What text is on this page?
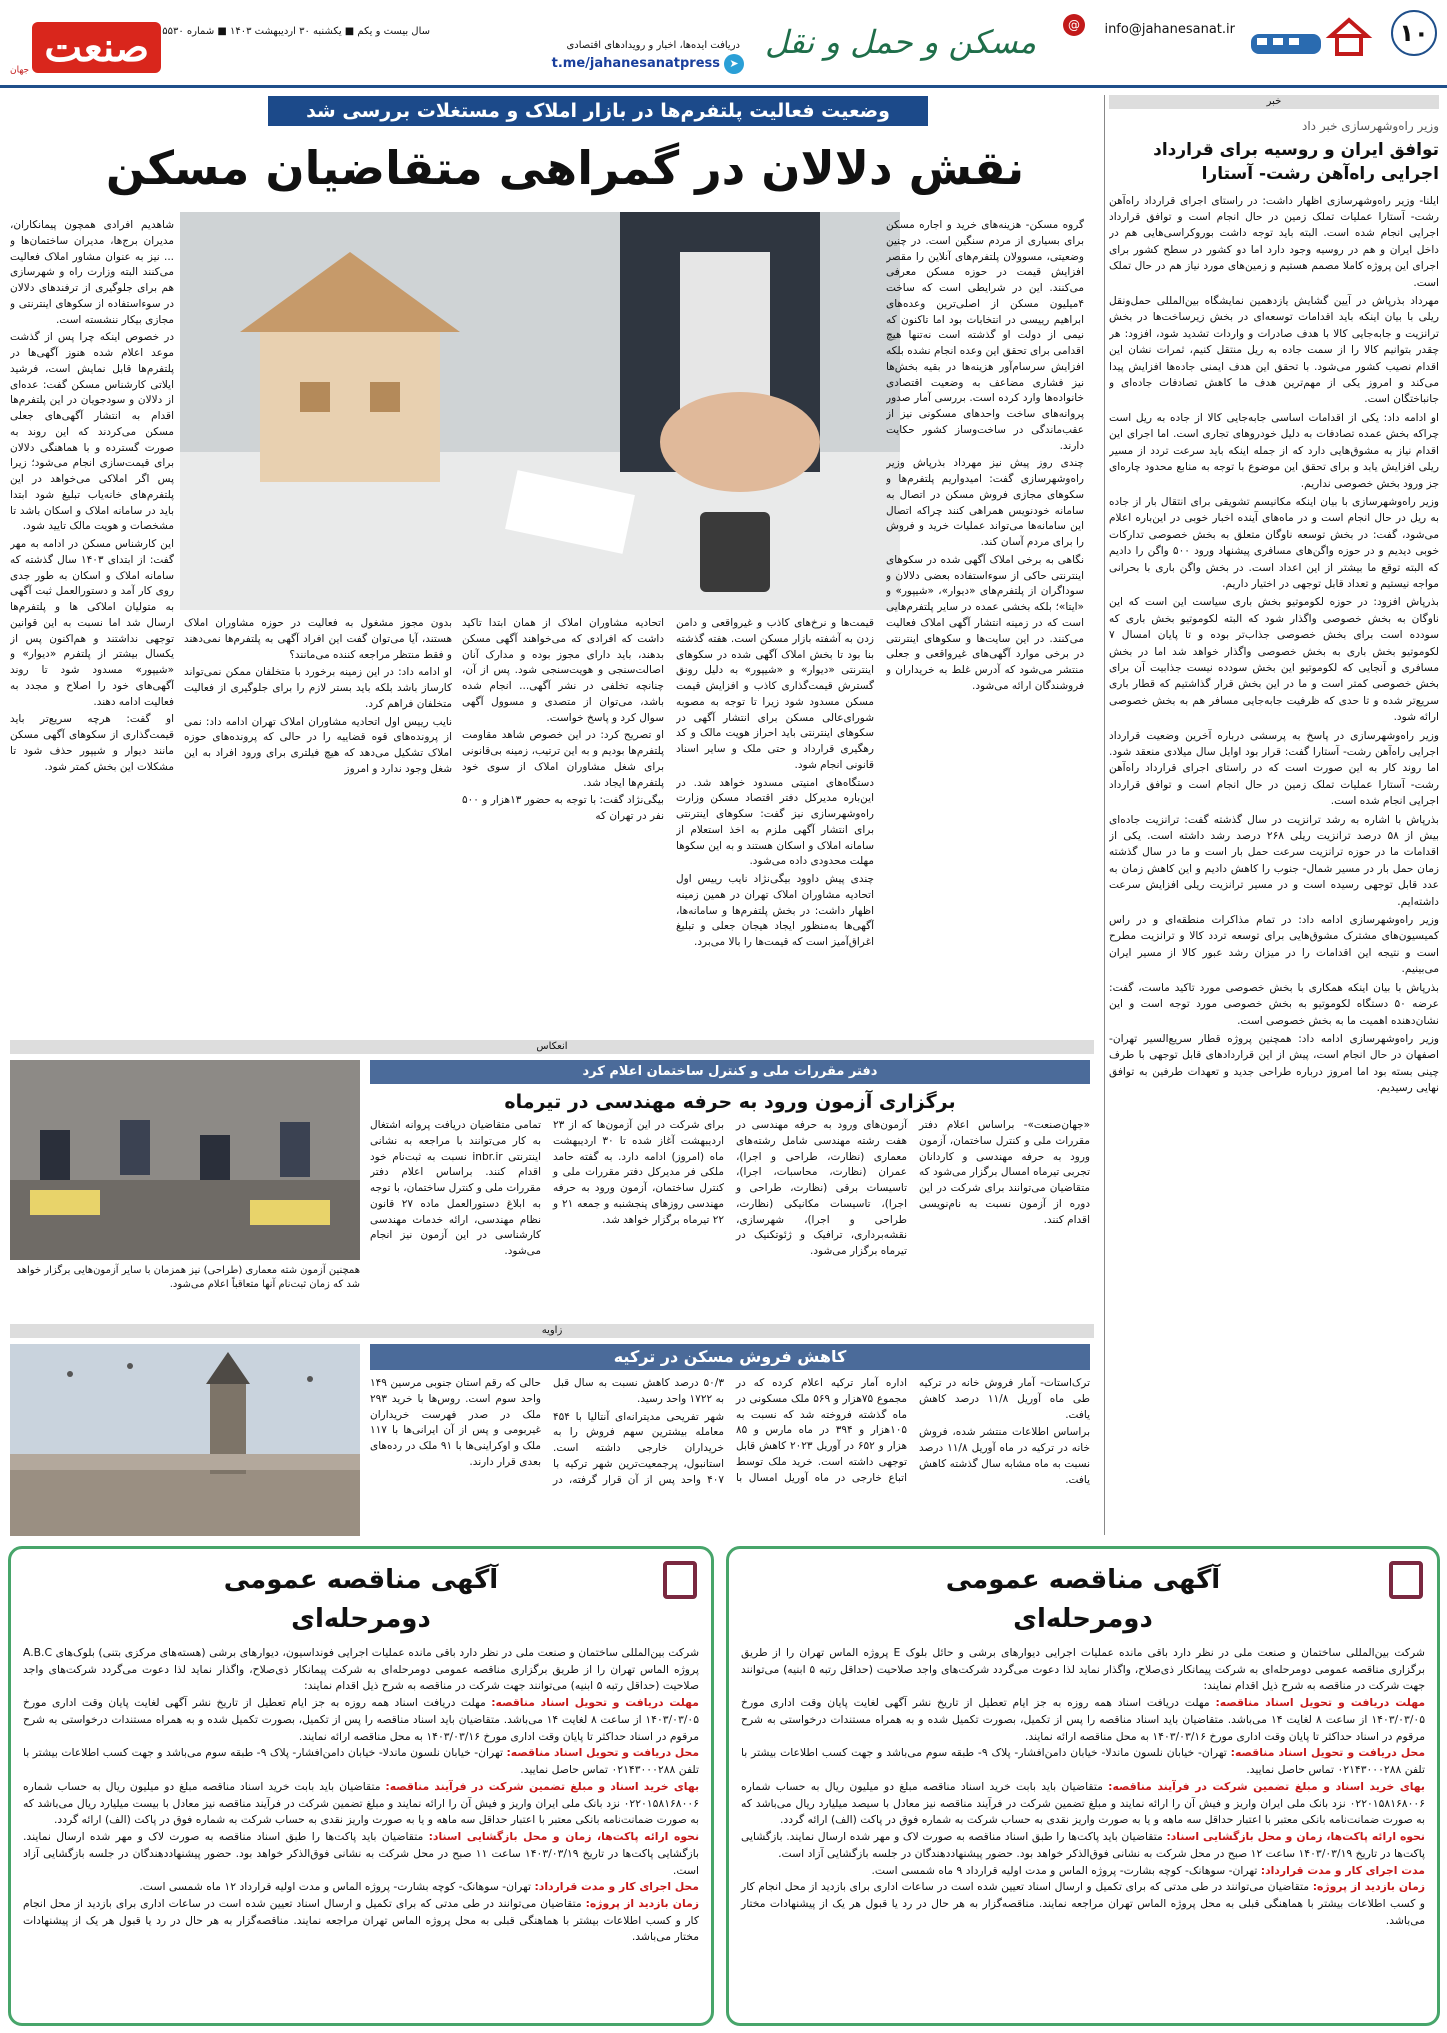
۱۰
info@jahanesanat.ir
@
مسکن و حمل و نقل
دریافت ایده‌ها، اخبار و رویدادهای اقتصادی
t.me/jahanesanatpress ➤
سال بیست و یکم ■ یکشنبه ۳۰ اردیبهشت ۱۴۰۳ ■ شماره ۵۵۳۰
صنعت جهان
خبر
وزیر راه‌وشهرسازی خبر داد
توافق ایران و روسیه برای قرارداد اجرایی راه‌آهن رشت- آستارا

ایلنا- وزیر راه‌وشهرسازی اظهار داشت: در راستای اجرای قرارداد راه‌آهن رشت- آستارا عملیات تملک زمین در حال انجام است و توافق قرارداد اجرایی انجام شده است. البته باید توجه داشت بوروکراسی‌هایی هم در داخل ایران و هم در روسیه وجود دارد اما دو کشور در سطح کشور برای اجرای این پروژه کاملا مصمم هستیم و زمین‌های مورد نیاز هم در حال تملک است.

مهرداد بذرپاش در آیین گشایش یازدهمین نمایشگاه بین‌المللی حمل‌ونقل ریلی با بیان اینکه باید اقدامات توسعه‌ای در بخش زیرساخت‌ها در بخش ترانزیت و جابه‌جایی کالا با هدف صادرات و واردات تشدید شود، افزود: هر چقدر بتوانیم کالا را از سمت جاده به ریل منتقل کنیم، ثمرات نشان این اقدام نصیب کشور می‌شود. با تحقق این هدف ایمنی جاده‌ها افزایش پیدا می‌کند و امروز یکی از مهم‌ترین هدف ما کاهش تصادفات جاده‌ای و جانباختگان است.

او ادامه داد: یکی از اقدامات اساسی جابه‌جایی کالا از جاده به ریل است چراکه بخش عمده تصادفات به دلیل خودروهای تجاری است. اما اجرای این اقدام نیاز به مشوق‌هایی دارد که از جمله اینکه باید سرعت تردد از مسیر ریلی افزایش یابد و برای تحقق این موضوع با توجه به منابع محدود چاره‌ای جز ورود بخش خصوصی نداریم.

وزیر راه‌وشهرسازی با بیان اینکه مکانیسم تشویقی برای انتقال بار از جاده به ریل در حال انجام است و در ماه‌های آینده اخبار خوبی در این‌باره اعلام می‌شود، گفت: در بخش توسعه ناوگان متعلق به بخش خصوصی تدارکات خوبی دیدیم و در حوزه واگن‌های مسافری پیشنهاد ورود ۵۰۰ واگن را دادیم که البته توقع ما بیشتر از این اعداد است. در بخش واگن باری با بحرانی مواجه نیستیم و تعداد قابل توجهی در اختیار داریم.

بذرپاش افزود: در حوزه لکوموتیو بخش باری سیاست این است که این ناوگان به بخش خصوصی واگذار شود که البته لکوموتیو بخش باری که سودده است برای بخش خصوصی جذاب‌تر بوده و تا پایان امسال ۷ لکوموتیو بخش باری به بخش خصوصی واگذار خواهد شد اما در بخش مسافری و آنجایی که لکوموتیو این بخش سودده نیست جذابیت آن برای بخش خصوصی کمتر است و ما در این بخش قرار گذاشتیم که قطار باری سریع‌تر شده و تا حدی که ظرفیت جابه‌جایی مسافر هم به بخش خصوصی ارائه شود.

وزیر راه‌وشهرسازی در پاسخ به پرسشی درباره آخرین وضعیت قرارداد اجرایی راه‌آهن رشت- آستارا گفت: قرار بود اوایل سال میلادی منعقد شود. اما روند کار به این صورت است که در راستای اجرای قرارداد راه‌آهن رشت- آستارا عملیات تملک زمین در حال انجام است و توافق قرارداد اجرایی انجام شده است.

بذرپاش با اشاره به رشد ترانزیت در سال گذشته گفت: ترانزیت جاده‌ای بیش از ۵۸ درصد ترانزیت ریلی ۲۶۸ درصد رشد داشته است. یکی از اقدامات ما در حوزه ترانزیت سرعت حمل بار است و ما در سال گذشته زمان حمل بار در مسیر شمال- جنوب را کاهش دادیم و این کاهش زمان به عدد قابل توجهی رسیده است و در مسیر ترانزیت ریلی افزایش سرعت داشته‌ایم.

وزیر راه‌وشهرسازی ادامه داد: در تمام مذاکرات منطقه‌ای و در راس کمیسیون‌های مشترک مشوق‌هایی برای توسعه تردد کالا و ترانزیت مطرح است و نتیجه این اقدامات را در میزان رشد عبور کالا از مسیر ایران می‌بینیم.

بذرپاش با بیان اینکه همکاری با بخش خصوصی مورد تاکید ماست، گفت: عرضه ۵۰ دستگاه لکوموتیو به بخش خصوصی مورد توجه است و این نشان‌دهنده اهمیت ما به بخش خصوصی است.

وزیر راه‌وشهرسازی ادامه داد: همچنین پروژه قطار سریع‌السیر تهران- اصفهان در حال انجام است، پیش از این قراردادهای قابل توجهی با طرف چینی بسته بود اما امروز درباره طراحی جدید و تعهدات طرفین به توافق نهایی رسیدیم.

وضعیت فعالیت پلتفرم‌ها در بازار املاک و مستغلات بررسی شد
نقش دلالان در گمراهی متقاضیان مسکن

گروه مسکن- هزینه‌های خرید و اجاره مسکن برای بسیاری از مردم سنگین است. در چنین وضعیتی، مسوولان پلتفرم‌های آنلاین را مقصر افزایش قیمت در حوزه مسکن معرفی می‌کنند. این در شرایطی است که ساخت ۴میلیون مسکن از اصلی‌ترین وعده‌های ابراهیم رییسی در انتخابات بود اما تاکنون که نیمی از دولت او گذشته است نه‌تنها هیچ اقدامی برای تحقق این وعده انجام نشده بلکه افزایش سرسام‌آور هزینه‌ها در بقیه بخش‌ها نیز فشاری مضاعف به وضعیت اقتصادی خانواده‌ها وارد کرده است. بررسی آمار صدور پروانه‌های ساخت واحدهای مسکونی نیز از عقب‌ماندگی در ساخت‌وساز کشور حکایت دارند.

چندی روز پیش نیز مهرداد بذرپاش وزیر راه‌وشهرسازی گفت: امیدواریم پلتفرم‌ها و سکوهای مجازی فروش مسکن در اتصال به سامانه خودنویس همراهی کنند چراکه اتصال این سامانه‌ها می‌تواند عملیات خرید و فروش را برای مردم آسان کند.

نگاهی به برخی املاک آگهی شده در سکوهای اینترنتی حاکی از سوءاستفاده بعضی دلالان و سوداگران از پلتفرم‌های «دیوار»، «شیپور» و «ایتا»؛ بلکه بخشی عمده در سایر پلتفرم‌هایی است که در زمینه انتشار آگهی املاک فعالیت می‌کنند. در این سایت‌ها و سکوهای اینترنتی در برخی موارد آگهی‌های غیرواقعی و جعلی منتشر می‌شود که آدرس غلط به خریداران و فروشندگان ارائه می‌شود.

قیمت‌ها و نرخ‌های کاذب و غیرواقعی و دامن زدن به آشفته بازار مسکن است. هفته گذشته بنا بود تا بخش املاک آگهی شده در سکوهای اینترنتی «دیوار» و «شیپور» به دلیل رونق گسترش قیمت‌گذاری کاذب و افزایش قیمت مسکن مسدود شود زیرا تا توجه به مصوبه شورای‌عالی مسکن برای انتشار آگهی در سکوهای اینترنتی باید احراز هویت مالک و کد رهگیری قرارداد و حتی ملک و سایر اسناد قانونی انجام شود.

دستگاه‌های امنیتی مسدود خواهد شد. در این‌باره مدیرکل دفتر اقتصاد مسکن وزارت راه‌وشهرسازی نیز گفت: سکوهای اینترنتی برای انتشار آگهی ملزم به اخذ استعلام از سامانه املاک و اسکان هستند و به این سکوها مهلت محدودی داده می‌شود.

چندی پیش داوود بیگی‌نژاد نایب رییس اول اتحادیه مشاوران املاک تهران در همین زمینه اظهار داشت: در بخش پلتفرم‌ها و سامانه‌ها، آگهی‌ها به‌منظور ایجاد هیجان جعلی و تبلیغ اغراق‌آمیز است که قیمت‌ها را بالا می‌برد.

اتحادیه مشاوران املاک از همان ابتدا تاکید داشت که افرادی که می‌خواهند آگهی مسکن بدهند، باید دارای مجوز بوده و مدارک آنان اصالت‌سنجی و هویت‌سنجی شود. پس از آن، چنانچه تخلفی در نشر آگهی... انجام شده باشد، می‌توان از متصدی و مسوول آگهی سوال کرد و پاسخ خواست.

او تصریح کرد: در این خصوص شاهد مقاومت پلتفرم‌ها بودیم و به این ترتیب، زمینه بی‌قانونی برای شغل مشاوران املاک از سوی خود پلتفرم‌ها ایجاد شد.

بیگی‌نژاد گفت: با توجه به حضور ۱۳هزار و ۵۰۰ نفر در تهران که

بدون مجوز مشغول به فعالیت در حوزه مشاوران املاک هستند، آیا می‌توان گفت این افراد آگهی به پلتفرم‌ها نمی‌دهند و فقط منتظر مراجعه کننده می‌مانند؟

او ادامه داد: در این زمینه برخورد با متخلفان ممکن نمی‌تواند کارساز باشد بلکه باید بستر لازم را برای جلوگیری از فعالیت متخلفان فراهم کرد.

نایب رییس اول اتحادیه مشاوران املاک تهران ادامه داد: نمی از پرونده‌های قوه قضاییه را در حالی که پرونده‌های حوزه املاک تشکیل می‌دهد که هیچ فیلتری برای ورود افراد به این شغل وجود ندارد و امروز

شاهدیم افرادی همچون پیمانکاران، مدیران برج‌ها، مدیران ساختمان‌ها و ... نیز به عنوان مشاور املاک فعالیت می‌کنند البته وزارت راه و شهرسازی هم برای جلوگیری از ترفندهای دلالان در سوءاستفاده از سکوهای اینترنتی و مجازی بیکار ننشسته است.

در خصوص اینکه چرا پس از گذشت موعد اعلام شده هنوز آگهی‌ها در پلتفرم‌ها قابل نمایش است، فرشید ایلاتی کارشناس مسکن گفت: عده‌ای از دلالان و سودجویان در این پلتفرم‌ها اقدام به انتشار آگهی‌های جعلی مسکن می‌کردند که این روند به صورت گسترده و با هماهنگی دلالان برای قیمت‌سازی انجام می‌شود؛ زیرا پس اگر املاکی می‌خواهد در این پلتفرم‌های خانه‌یاب تبلیغ شود ابتدا باید در سامانه املاک و اسکان باشد تا مشخصات و هویت مالک تایید شود.

این کارشناس مسکن در ادامه به مهر گفت: از ابتدای ۱۴۰۳ سال گذشته که سامانه املاک و اسکان به طور جدی روی کار آمد و دستورالعمل ثبت آگهی به متولیان املاکی ها و پلتفرم‌ها ارسال شد اما نسبت به این قوانین توجهی نداشتند و هم‌اکنون پس از یکسال بیشتر از پلتفرم «دیوار» و «شیپور» مسدود شود تا روند آگهی‌های خود را اصلاح و مجدد به فعالیت ادامه دهند.

او گفت: هرچه سریع‌تر باید قیمت‌گذاری از سکوهای آگهی مسکن مانند دیوار و شیپور حذف شود تا مشکلات این بخش کمتر شود.

انعکاس
دفتر مقررات ملی و کنترل ساختمان اعلام کرد
برگزاری آزمون ورود به حرفه مهندسی در تیرماه

«جهان‌صنعت»- براساس اعلام دفتر مقررات ملی و کنترل ساختمان، آزمون ورود به حرفه مهندسی و کاردانان تجربی تیرماه امسال برگزار می‌شود که متقاضیان می‌توانند برای شرکت در این دوره از آزمون نسبت به نام‌نویسی اقدام کنند.

آزمون‌های ورود به حرفه مهندسی در هفت رشته مهندسی شامل رشته‌های معماری (نظارت، طراحی و اجرا)، عمران (نظارت، محاسبات، اجرا)، تاسیسات برقی (نظارت، طراحی و اجرا)، تاسیسات مکانیکی (نظارت، طراحی و اجرا)، شهرسازی، نقشه‌برداری، ترافیک و ژئوتکنیک در تیرماه برگزار می‌شود.

برای شرکت در این آزمون‌ها که از ۲۳ اردیبهشت آغاز شده تا ۳۰ اردیبهشت ماه (امروز) ادامه دارد. به گفته حامد ملکی فر مدیرکل دفتر مقررات ملی و کنترل ساختمان، آزمون ورود به حرفه مهندسی روزهای پنجشنبه و جمعه ۲۱ و ۲۲ تیرماه برگزار خواهد شد.

تمامی متقاضیان دریافت پروانه اشتغال به کار می‌توانند با مراجعه به نشانی اینترنتی inbr.ir نسبت به ثبت‌نام خود اقدام کنند. براساس اعلام دفتر مقررات ملی و کنترل ساختمان، با توجه به ابلاغ دستورالعمل ماده ۲۷ قانون نظام مهندسی، ارائه خدمات مهندسی کارشناسی در این آزمون نیز انجام می‌شود.

همچنین آزمون شته معماری (طراحی) نیز همزمان با سایر آزمون‌هایی برگزار خواهد شد که زمان ثبت‌نام آنها متعاقباً اعلام می‌شود.
زاویه
کاهش فروش مسکن در ترکیه

ترک‌استات- آمار فروش خانه در ترکیه طی ماه آوریل ۱۱/۸ درصد کاهش یافت.

براساس اطلاعات منتشر شده، فروش خانه در ترکیه در ماه آوریل ۱۱/۸ درصد نسبت به ماه مشابه سال گذشته کاهش یافت.

اداره آمار ترکیه اعلام کرده که در مجموع ۷۵هزار و ۵۶۹ ملک مسکونی در ماه گذشته فروخته شد که نسبت به ۱۰۵هزار و ۳۹۴ در ماه مارس و ۸۵ هزار و ۶۵۲ در آوریل ۲۰۲۳ کاهش قابل توجهی داشته است. خرید ملک توسط اتباع خارجی در ماه آوریل امسال با ۵۰/۳ درصد کاهش نسبت به سال قبل به ۱۷۲۲ واحد رسید.

شهر تفریحی مدیترانه‌ای آنتالیا با ۴۵۴ معامله بیشترین سهم فروش را به خریداران خارجی داشته است. استانبول، پرجمعیت‌ترین شهر ترکیه با ۴۰۷ واحد پس از آن قرار گرفته، در حالی که رقم استان جنوبی مرسین ۱۴۹ واحد سوم است. روس‌ها با خرید ۲۹۳ ملک در صدر فهرست خریداران غیربومی و پس از آن ایرانی‌ها با ۱۱۷ ملک و اوکراینی‌ها با ۹۱ ملک در رده‌های بعدی قرار دارند.

آگهی مناقصه عمومی دومرحله‌ای

شرکت بین‌المللی ساختمان و صنعت ملی در نظر دارد باقی مانده عملیات اجرایی دیوارهای برشی و حائل بلوک E پروژه الماس تهران را از طریق برگزاری مناقصه عمومی دومرحله‌ای به شرکت پیمانکار ذی‌صلاح، واگذار نماید لذا دعوت می‌گردد شرکت‌های واجد صلاحیت (حداقل رتبه ۵ ابنیه) می‌توانند جهت شرکت در مناقصه به شرح ذیل اقدام نمایند:

مهلت دریافت و تحویل اسناد مناقصه: مهلت دریافت اسناد همه روزه به جز ایام تعطیل از تاریخ نشر آگهی لغایت پایان وقت اداری مورخ ۱۴۰۳/۰۳/۰۵ از ساعت ۸ لغایت ۱۴ می‌باشد. متقاضیان باید اسناد مناقصه را پس از تکمیل، بصورت تکمیل شده و به همراه مستندات درخواستی به شرح مرقوم در اسناد حداکثر تا پایان وقت اداری مورخ ۱۴۰۳/۰۳/۱۶ به محل مناقصه ارائه نمایند.

محل دریافت و تحویل اسناد مناقصه: تهران- خیابان نلسون ماندلا- خیابان دامن‌افشار- پلاک ۹- طبقه سوم می‌باشد و جهت کسب اطلاعات بیشتر با تلفن ۰۲۱۴۳۰۰۰۲۸۸ تماس حاصل نمایید.

بهای خرید اسناد و مبلغ تضمین شرکت در فرآیند مناقصه: متقاضیان باید بابت خرید اسناد مناقصه مبلغ دو میلیون ریال به حساب شماره ۰۲۲۰۱۵۸۱۶۸۰۰۶ نزد بانک ملی ایران واریز و فیش آن را ارائه نمایند و مبلغ تضمین شرکت در فرآیند مناقصه نیز معادل با سیصد میلیارد ریال می‌باشد که به صورت ضمانت‌نامه بانکی معتبر با اعتبار حداقل سه ماهه و یا به صورت واریز نقدی به حساب شرکت به شماره فوق در پاکت (الف) ارائه گردد.

نحوه ارائه پاکت‌ها، زمان و محل بازگشایی اسناد: متقاضیان باید پاکت‌ها را طبق اسناد مناقصه به صورت لاک و مهر شده ارسال نمایند. بازگشایی پاکت‌ها در تاریخ ۱۴۰۳/۰۳/۱۹ ساعت ۱۲ صبح در محل شرکت به نشانی فوق‌الذکر خواهد بود. حضور پیشنهاددهندگان در جلسه بازگشایی آزاد است.

مدت اجرای کار و مدت قرارداد: تهران- سوهانک- کوچه بشارت- پروژه الماس و مدت اولیه قرارداد ۹ ماه شمسی است.

زمان بازدید از پروژه: متقاضیان می‌توانند در طی مدتی که برای تکمیل و ارسال اسناد تعیین شده است در ساعات اداری برای بازدید از محل انجام کار و کسب اطلاعات بیشتر با هماهنگی قبلی به محل پروژه الماس تهران مراجعه نمایند. مناقصه‌گزار به هر حال در رد یا قبول هر یک از پیشنهادات مختار می‌باشد.

آگهی مناقصه عمومی دومرحله‌ای

شرکت بین‌المللی ساختمان و صنعت ملی در نظر دارد باقی مانده عملیات اجرایی فونداسیون، دیوارهای برشی (هسته‌های مرکزی بتنی) بلوک‌های A.B.C پروژه الماس تهران را از طریق برگزاری مناقصه عمومی دومرحله‌ای به شرکت پیمانکار ذی‌صلاح، واگذار نماید لذا دعوت می‌گردد شرکت‌های واجد صلاحیت (حداقل رتبه ۵ ابنیه) می‌توانند جهت شرکت در مناقصه به شرح ذیل اقدام نمایند:

مهلت دریافت و تحویل اسناد مناقصه: مهلت دریافت اسناد همه روزه به جز ایام تعطیل از تاریخ نشر آگهی لغایت پایان وقت اداری مورخ ۱۴۰۳/۰۳/۰۵ از ساعت ۸ لغایت ۱۴ می‌باشد. متقاضیان باید اسناد مناقصه را پس از تکمیل، بصورت تکمیل شده و به همراه مستندات درخواستی به شرح مرقوم در اسناد حداکثر تا پایان وقت اداری مورخ ۱۴۰۳/۰۳/۱۶ به محل مناقصه ارائه نمایند.

محل دریافت و تحویل اسناد مناقصه: تهران- خیابان نلسون ماندلا- خیابان دامن‌افشار- پلاک ۹- طبقه سوم می‌باشد و جهت کسب اطلاعات بیشتر با تلفن ۰۲۱۴۳۰۰۰۲۸۸ تماس حاصل نمایید.

بهای خرید اسناد و مبلغ تضمین شرکت در فرآیند مناقصه: متقاضیان باید بابت خرید اسناد مناقصه مبلغ دو میلیون ریال به حساب شماره ۰۲۲۰۱۵۸۱۶۸۰۰۶ نزد بانک ملی ایران واریز و فیش آن را ارائه نمایند و مبلغ تضمین شرکت در فرآیند مناقصه نیز معادل با بیست میلیارد ریال می‌باشد که به صورت ضمانت‌نامه بانکی معتبر با اعتبار حداقل سه ماهه و یا به صورت واریز نقدی به حساب شرکت به شماره فوق در پاکت (الف) ارائه گردد.

نحوه ارائه پاکت‌ها، زمان و محل بازگشایی اسناد: متقاضیان باید پاکت‌ها را طبق اسناد مناقصه به صورت لاک و مهر شده ارسال نمایند. بازگشایی پاکت‌ها در تاریخ ۱۴۰۳/۰۳/۱۹ ساعت ۱۱ صبح در محل شرکت به نشانی فوق‌الذکر خواهد بود. حضور پیشنهاددهندگان در جلسه بازگشایی آزاد است.

محل اجرای کار و مدت قرارداد: تهران- سوهانک- کوچه بشارت- پروژه الماس و مدت اولیه قرارداد ۱۲ ماه شمسی است.

زمان بازدید از پروژه: متقاضیان می‌توانند در طی مدتی که برای تکمیل و ارسال اسناد تعیین شده است در ساعات اداری برای بازدید از محل انجام کار و کسب اطلاعات بیشتر با هماهنگی قبلی به محل پروژه الماس تهران مراجعه نمایند. مناقصه‌گزار به هر حال در رد یا قبول هر یک از پیشنهادات مختار می‌باشد.
